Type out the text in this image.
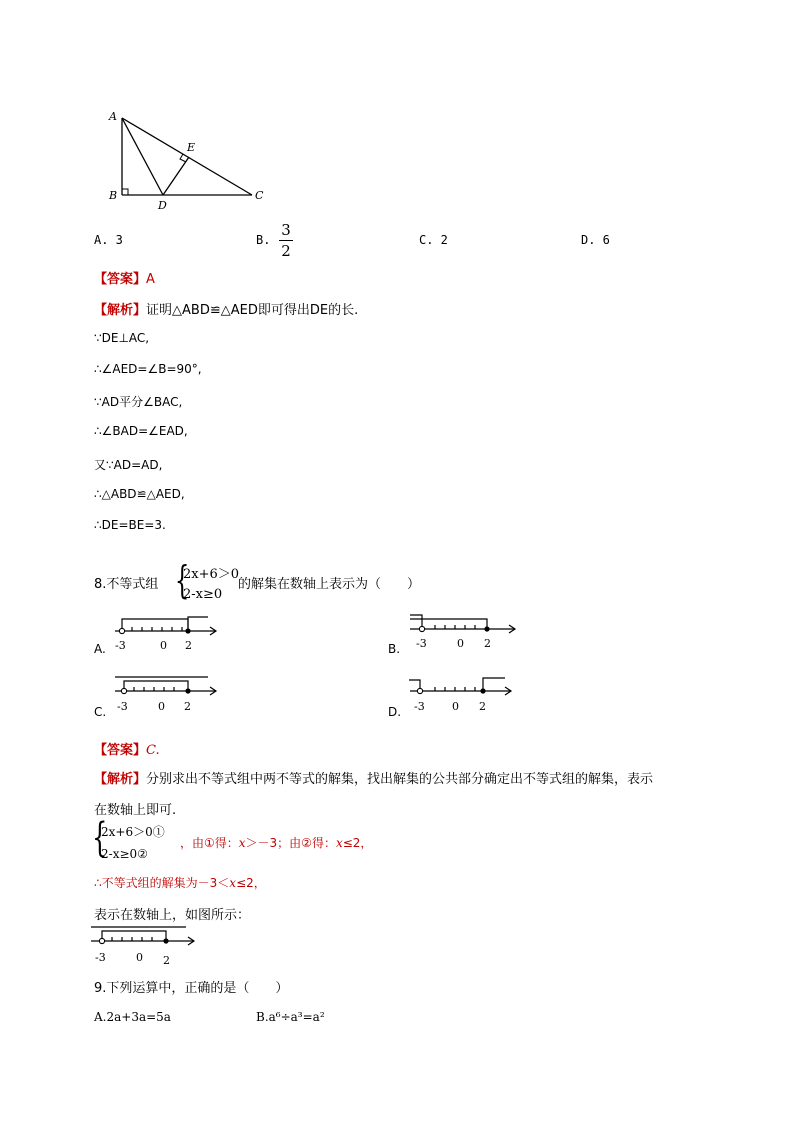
A
B	C
D
E
A. 3	B.
3
2
C. 2	D. 6
【答案】A
【解析】证明△ABD≌△AED即可得出DE的长.
∵DE⊥AC,
∴∠AED=∠B=90°,
∵AD平分∠BAC,
∴∠BAD=∠EAD,
又∵AD=AD,
∴△ABD≌△AED,
∴DE=BE=3.
8.不等式组 {
2x+6＞0
2-x≥0
的解集在数轴上表示为（　　）
A. -3	0 2	B. -3	0 2
C. -3	0 2	D. -3 0 2
【答案】C.
【解析】分别求出不等式组中两不等式的解集，找出解集的公共部分确定出不等式组的解集，表示
在数轴上即可.
{
2x+6＞0①
2-x≥0②
，由①得：x＞－3；由②得：x≤2，
∴不等式组的解集为－3＜x≤2，
表示在数轴上，如图所示：
-3	0 2
9.下列运算中，正确的是（　　）
A.2a+3a=5a	B.a⁶÷a³=a²
